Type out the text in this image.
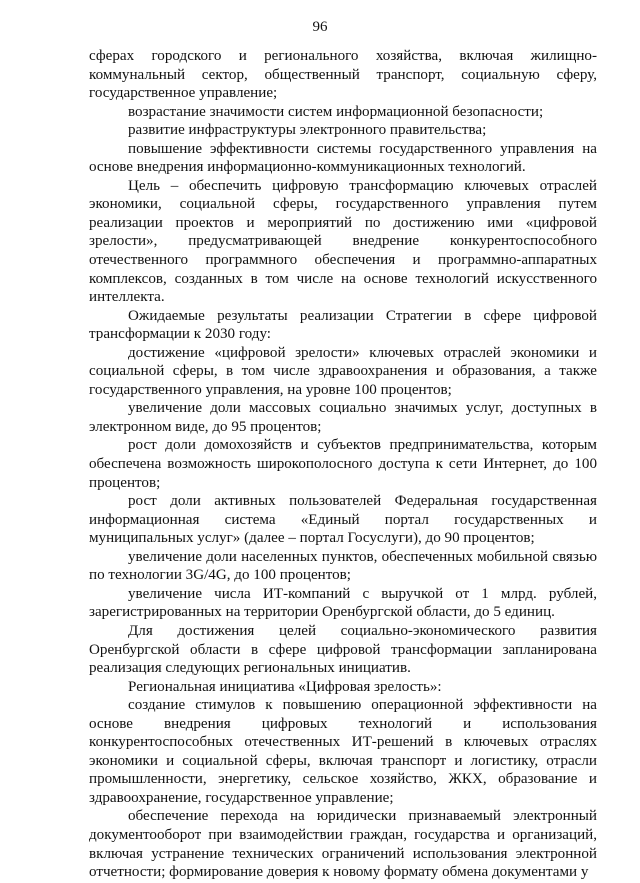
96

сферах городского и регионального хозяйства, включая жилищно-коммунальный сектор, общественный транспорт, социальную сферу, государственное управление;

возрастание значимости систем информационной безопасности;

развитие инфраструктуры электронного правительства;

повышение эффективности системы государственного управления на основе внедрения информационно-коммуникационных технологий.

Цель – обеспечить цифровую трансформацию ключевых отраслей экономики, социальной сферы, государственного управления путем реализации проектов и мероприятий по достижению ими «цифровой зрелости», предусматривающей внедрение конкурентоспособного отечественного программного обеспечения и программно-аппаратных комплексов, созданных в том числе на основе технологий искусственного интеллекта.

Ожидаемые результаты реализации Стратегии в сфере цифровой трансформации к 2030 году:

достижение «цифровой зрелости» ключевых отраслей экономики и социальной сферы, в том числе здравоохранения и образования, а также государственного управления, на уровне 100 процентов;

увеличение доли массовых социально значимых услуг, доступных в электронном виде, до 95 процентов;

рост доли домохозяйств и субъектов предпринимательства, которым обеспечена возможность широкополосного доступа к сети Интернет, до 100 процентов;

рост доли активных пользователей Федеральная государственная информационная система «Единый портал государственных и муниципальных услуг» (далее – портал Госуслуги), до 90 процентов;

увеличение доли населенных пунктов, обеспеченных мобильной связью по технологии 3G/4G, до 100 процентов;

увеличение числа ИТ-компаний с выручкой от 1 млрд. рублей, зарегистрированных на территории Оренбургской области, до 5 единиц.

Для достижения целей социально-экономического развития Оренбургской области в сфере цифровой трансформации запланирована реализация следующих региональных инициатив.

Региональная инициатива «Цифровая зрелость»:

создание стимулов к повышению операционной эффективности на основе внедрения цифровых технологий и использования конкурентоспособных отечественных ИТ-решений в ключевых отраслях экономики и социальной сферы, включая транспорт и логистику, отрасли промышленности, энергетику, сельское хозяйство, ЖКХ, образование и здравоохранение, государственное управление;

обеспечение перехода на юридически признаваемый электронный документооборот при взаимодействии граждан, государства и организаций, включая устранение технических ограничений использования электронной отчетности; формирование доверия к новому формату обмена документами у
